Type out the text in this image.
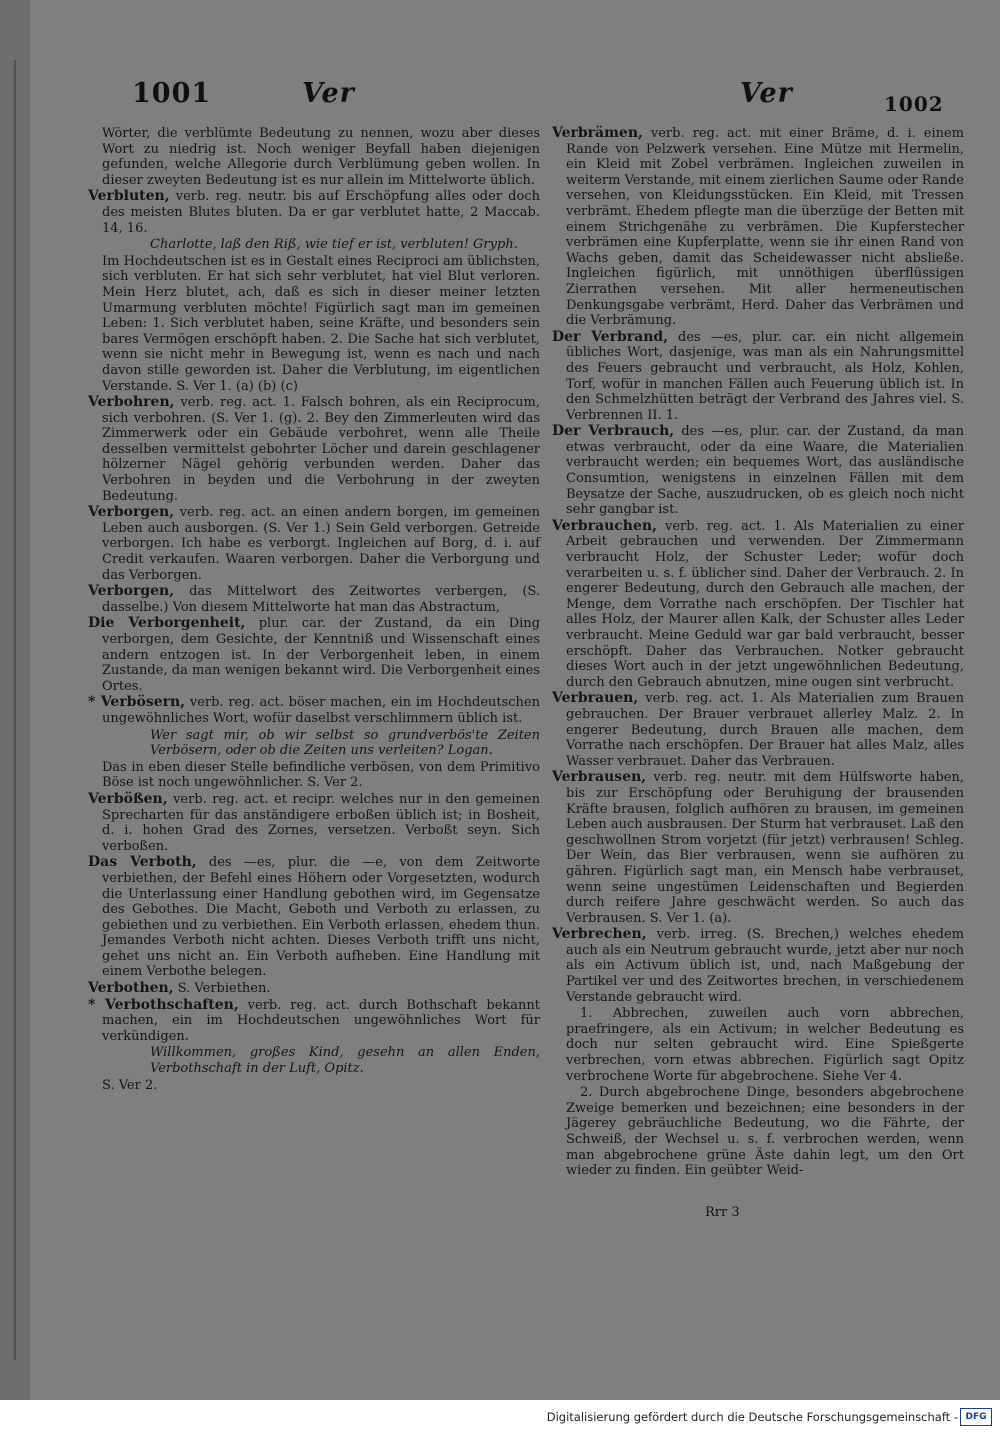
1001	Ver	Ver	1002
Wörter, die verblümte Bedeutung zu nennen, wozu aber dieses Wort zu niedrig ist. Noch weniger Beyfall haben diejenigen gefunden, welche Allegorie durch Verblümung geben wollen. In dieser zweyten Bedeutung ist es nur allein im Mittelworte üblich.
Verbluten, verb. reg. neutr. bis auf Erschöpfung alles oder doch des meisten Blutes bluten. Da er gar verblutet hatte, 2 Maccab. 14, 16.
Charlotte, laß den Riß, wie tief er ist, verbluten! Gryph.
Im Hochdeutschen ist es in Gestalt eines Reciproci am üblichsten, sich verbluten. Er hat sich sehr verblutet, hat viel Blut verloren. Mein Herz blutet, ach, daß es sich in dieser meiner letzten Umarmung verbluten möchte! Figürlich sagt man im gemeinen Leben: 1. Sich verblutet haben, seine Kräfte, und besonders sein bares Vermögen erschöpft haben. 2. Die Sache hat sich verblutet, wenn sie nicht mehr in Bewegung ist, wenn es nach und nach davon stille geworden ist. Daher die Verblutung, im eigentlichen Verstande. S. Ver 1. (a) (b) (c)
Verbohren, verb. reg. act. 1. Falsch bohren, als ein Reciprocum, sich verbohren. (S. Ver 1. (g). 2. Bey den Zimmerleuten wird das Zimmerwerk oder ein Gebäude verbohret, wenn alle Theile desselben vermittelst gebohrter Löcher und darein geschlagener hölzerner Nägel gehörig verbunden werden. Daher das Verbohren in beyden und die Verbohrung in der zweyten Bedeutung.
Verborgen, verb. reg. act. an einen andern borgen, im gemeinen Leben auch ausborgen. (S. Ver 1.) Sein Geld verborgen. Getreide verborgen. Ich habe es verborgt. Ingleichen auf Borg, d. i. auf Credit verkaufen. Waaren verborgen. Daher die Verborgung und das Verborgen.
Verborgen, das Mittelwort des Zeitwortes verbergen, (S. dasselbe.) Von diesem Mittelworte hat man das Abstractum,
Die Verborgenheit, plur. car. der Zustand, da ein Ding verborgen, dem Gesichte, der Kenntniß und Wissenschaft eines andern entzogen ist. In der Verborgenheit leben, in einem Zustande, da man wenigen bekannt wird. Die Verborgenheit eines Ortes.
* Verbösern, verb. reg. act. böser machen, ein im Hochdeutschen ungewöhnliches Wort, wofür daselbst verschlimmern üblich ist.
Wer sagt mir, ob wir selbst so grundverbös'te Zeiten Verbösern, oder ob die Zeiten uns verleiten? Logan.
Das in eben dieser Stelle befindliche verbösen, von dem Primitivo Böse ist noch ungewöhnlicher. S. Ver 2.
Verbößen, verb. reg. act. et recipr. welches nur in den gemeinen Sprecharten für das anständigere erboßen üblich ist; in Bosheit, d. i. hohen Grad des Zornes, versetzen. Verboßt seyn. Sich verboßen.
Das Verboth, des —es, plur. die —e, von dem Zeitworte verbiethen, der Befehl eines Höhern oder Vorgesetzten, wodurch die Unterlassung einer Handlung gebothen wird, im Gegensatze des Gebothes. Die Macht, Geboth und Verboth zu erlassen, zu gebiethen und zu verbiethen. Ein Verboth erlassen, ehedem thun. Jemandes Verboth nicht achten. Dieses Verboth trifft uns nicht, gehet uns nicht an. Ein Verboth aufheben. Eine Handlung mit einem Verbothe belegen.
Verbothen, S. Verbiethen.
* Verbothschaften, verb. reg. act. durch Bothschaft bekannt machen, ein im Hochdeutschen ungewöhnliches Wort für verkündigen.
Willkommen, großes Kind, gesehn an allen Enden, Verbothschaft in der Luft, Opitz.
S. Ver 2.
Verbrämen, verb. reg. act. mit einer Bräme, d. i. einem Rande von Pelzwerk versehen. Eine Mütze mit Hermelin, ein Kleid mit Zobel verbrämen. Ingleichen zuweilen in weiterm Verstande, mit einem zierlichen Saume oder Rande versehen, von Kleidungsstücken. Ein Kleid, mit Tressen verbrämt. Ehedem pflegte man die überzüge der Betten mit einem Strichgenähe zu verbrämen. Die Kupferstecher verbrämen eine Kupferplatte, wenn sie ihr einen Rand von Wachs geben, damit das Scheidewasser nicht absließe. Ingleichen figürlich, mit unnöthigen überflüssigen Zierrathen versehen. Mit aller hermeneutischen Denkungsgabe verbrämt, Herd. Daher das Verbrämen und die Verbrämung.
Der Verbrand, des —es, plur. car. ein nicht allgemein übliches Wort, dasjenige, was man als ein Nahrungsmittel des Feuers gebraucht und verbraucht, als Holz, Kohlen, Torf, wofür in manchen Fällen auch Feuerung üblich ist. In den Schmelzhütten beträgt der Verbrand des Jahres viel. S. Verbrennen II. 1.
Der Verbrauch, des —es, plur. car. der Zustand, da man etwas verbraucht, oder da eine Waare, die Materialien verbraucht werden; ein bequemes Wort, das ausländische Consumtion, wenigstens in einzelnen Fällen mit dem Beysatze der Sache, auszudrucken, ob es gleich noch nicht sehr gangbar ist.
Verbrauchen, verb. reg. act. 1. Als Materialien zu einer Arbeit gebrauchen und verwenden. Der Zimmermann verbraucht Holz, der Schuster Leder; wofür doch verarbeiten u. s. f. üblicher sind. Daher der Verbrauch. 2. In engerer Bedeutung, durch den Gebrauch alle machen, der Menge, dem Vorrathe nach erschöpfen. Der Tischler hat alles Holz, der Maurer allen Kalk, der Schuster alles Leder verbraucht. Meine Geduld war gar bald verbraucht, besser erschöpft. Daher das Verbrauchen. Notker gebraucht dieses Wort auch in der jetzt ungewöhnlichen Bedeutung, durch den Gebrauch abnutzen, mine ougen sint verbrucht.
Verbrauen, verb. reg. act. 1. Als Materialien zum Brauen gebrauchen. Der Brauer verbrauet allerley Malz. 2. In engerer Bedeutung, durch Brauen alle machen, dem Vorrathe nach erschöpfen. Der Brauer hat alles Malz, alles Wasser verbrauet. Daher das Verbrauen.
Verbrausen, verb. reg. neutr. mit dem Hülfsworte haben, bis zur Erschöpfung oder Beruhigung der brausenden Kräfte brausen, folglich aufhören zu brausen, im gemeinen Leben auch ausbrausen. Der Sturm hat verbrauset. Laß den geschwollnen Strom vorjetzt (für jetzt) verbrausen! Schleg. Der Wein, das Bier verbrausen, wenn sie aufhören zu gähren. Figürlich sagt man, ein Mensch habe verbrauset, wenn seine ungestümen Leidenschaften und Begierden durch reifere Jahre geschwächt werden. So auch das Verbrausen. S. Ver 1. (a).
Verbrechen, verb. irreg. (S. Brechen,) welches ehedem auch als ein Neutrum gebraucht wurde, jetzt aber nur noch als ein Activum üblich ist, und, nach Maßgebung der Partikel ver und des Zeitwortes brechen, in verschiedenem Verstande gebraucht wird.
1. Abbrechen, zuweilen auch vorn abbrechen, praefringere, als ein Activum; in welcher Bedeutung es doch nur selten gebraucht wird. Eine Spießgerte verbrechen, vorn etwas abbrechen. Figürlich sagt Opitz verbrochene Worte für abgebrochene. Siehe Ver 4.
2. Durch abgebrochene Dinge, besonders abgebrochene Zweige bemerken und bezeichnen; eine besonders in der Jägerey gebräuchliche Bedeutung, wo die Fährte, der Schweiß, der Wechsel u. s. f. verbrochen werden, wenn man abgebrochene grüne Äste dahin legt, um den Ort wieder zu finden. Ein geübter Weid-
Rrr 3
Digitalisierung gefördert durch die Deutsche Forschungsgemeinschaft - DFG
